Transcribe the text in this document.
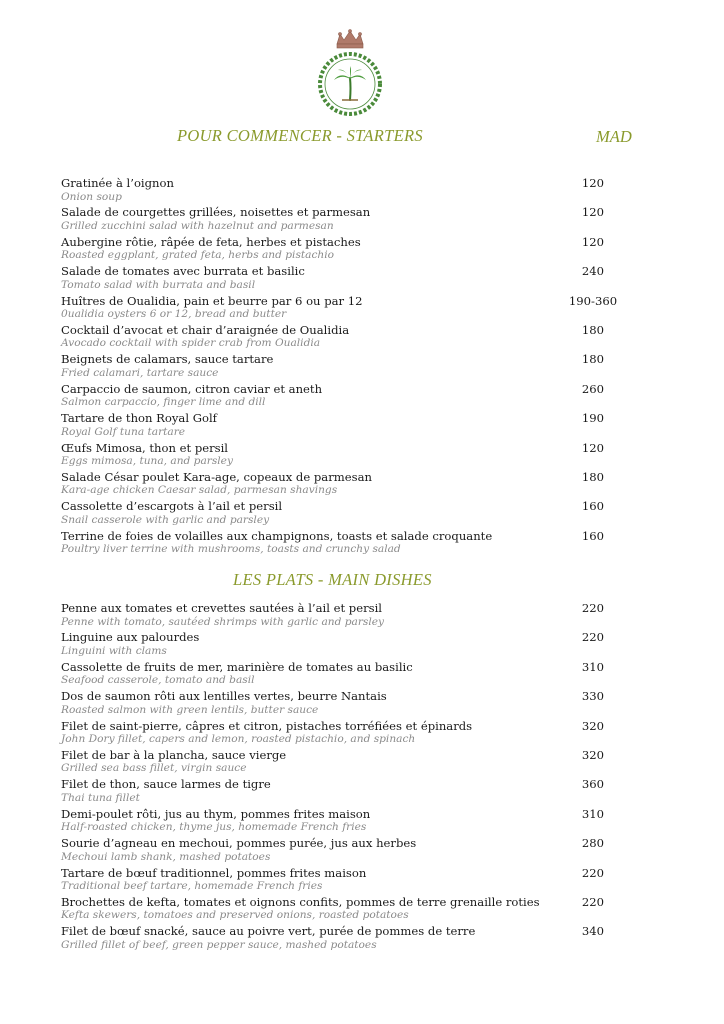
POUR COMMENCER - STARTERS	MAD
Gratinée à l’oignon
Onion soup
120
Salade de courgettes grillées, noisettes et parmesan
Grilled zucchini salad with hazelnut and parmesan
120
Aubergine rôtie, râpée de feta, herbes et pistaches
Roasted eggplant, grated feta, herbs and pistachio
120
Salade de tomates avec burrata et basilic
Tomato salad with burrata and basil
240
Huîtres de Oualidia, pain et beurre par 6 ou par 12
0ualidia oysters 6 or 12, bread and butter
190-360
Cocktail d’avocat et chair d’araignée de Oualidia
Avocado cocktail with spider crab from Oualidia
180
Beignets de calamars, sauce tartare
Fried calamari, tartare sauce
180
Carpaccio de saumon, citron caviar et aneth
Salmon carpaccio, finger lime and dill
260
Tartare de thon Royal Golf
Royal Golf tuna tartare
190
Œufs Mimosa, thon et persil
Eggs mimosa, tuna, and parsley
120
Salade César poulet Kara-age, copeaux de parmesan
Kara-age chicken Caesar salad, parmesan shavings
180
Cassolette d’escargots à l’ail et persil
Snail casserole with garlic and parsley
160
Terrine de foies de volailles aux champignons, toasts et salade croquante
Poultry liver terrine with mushrooms, toasts and crunchy salad
160
LES PLATS - MAIN DISHES
Penne aux tomates et crevettes sautées à l’ail et persil
Penne with tomato, sautéed shrimps with garlic and parsley
220
Linguine aux palourdes
Linguini with clams
220
Cassolette de fruits de mer, marinière de tomates au basilic
Seafood casserole, tomato and basil
310
Dos de saumon rôti aux lentilles vertes, beurre Nantais
Roasted salmon with green lentils, butter sauce
330
Filet de saint-pierre, câpres et citron, pistaches torréfiées et épinards
John Dory fillet, capers and lemon, roasted pistachio, and spinach
320
Filet de bar à la plancha, sauce vierge
Grilled sea bass fillet, virgin sauce
320
Filet de thon, sauce larmes de tigre
Thai tuna fillet
360
Demi-poulet rôti, jus au thym, pommes frites maison
Half-roasted chicken, thyme jus, homemade French fries
310
Sourie d’agneau en mechoui, pommes purée, jus aux herbes
Mechoui lamb shank, mashed potatoes
280
Tartare de bœuf traditionnel, pommes frites maison
Traditional beef tartare, homemade French fries
220
Brochettes de kefta, tomates et oignons confits, pommes de terre grenaille roties
Kefta skewers, tomatoes and preserved onions, roasted potatoes
220
Filet de bœuf snacké, sauce au poivre vert, purée de pommes de terre
Grilled fillet of beef, green pepper sauce, mashed potatoes
340
